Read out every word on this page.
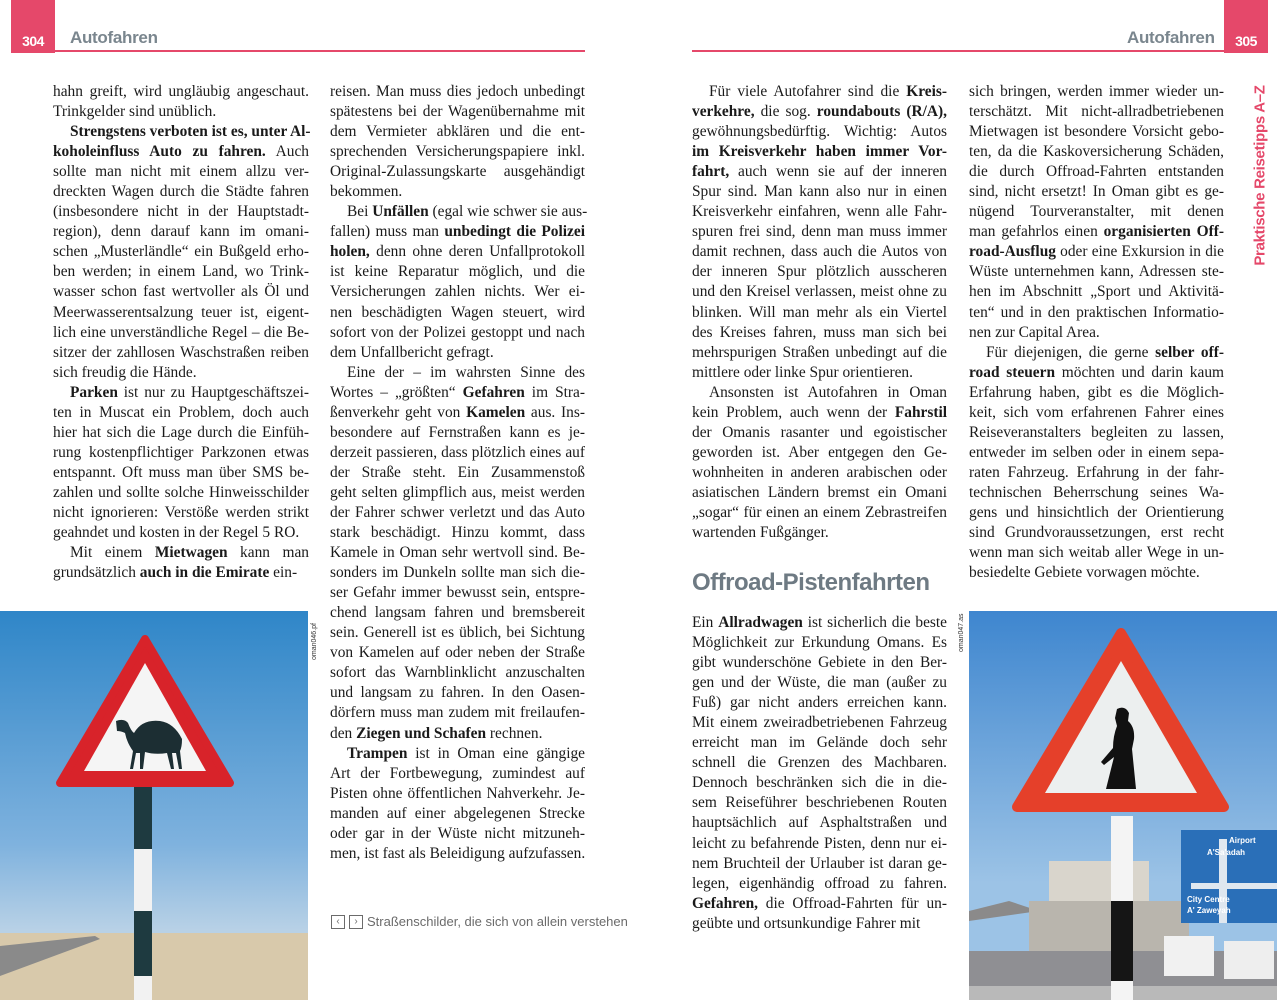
304 Autofahren	305
Autofahren
Praktische Reisetipps A–Z
hahn greift, wird ungläubig angeschaut.
Trinkgelder sind unüblich.
Strengstens verboten ist es, unter Al-
koholeinfluss Auto zu fahren. Auch
sollte man nicht mit einem allzu ver-
dreckten Wagen durch die Städte fahren
(insbesondere nicht in der Hauptstadt-
region), denn darauf kann im omani-
schen „Musterländle“ ein Bußgeld erho-
ben werden; in einem Land, wo Trink-
wasser schon fast wertvoller als Öl und
Meerwasserentsalzung teuer ist, eigent-
lich eine unverständliche Regel – die Be-
sitzer der zahllosen Waschstraßen reiben
sich freudig die Hände.
Parken ist nur zu Hauptgeschäftszei-
ten in Muscat ein Problem, doch auch
hier hat sich die Lage durch die Einfüh-
rung kostenpflichtiger Parkzonen etwas
entspannt. Oft muss man über SMS be-
zahlen und sollte solche Hinweisschilder
nicht ignorieren: Verstöße werden strikt
geahndet und kosten in der Regel 5 RO.
Mit einem Mietwagen kann man
grundsätzlich auch in die Emirate ein-
reisen. Man muss dies jedoch unbedingt
spätestens bei der Wagenübernahme mit
dem Vermieter abklären und die ent-
sprechenden Versicherungspapiere inkl.
Original-Zulassungskarte ausgehändigt
bekommen.
Bei Unfällen (egal wie schwer sie aus-
fallen) muss man unbedingt die Polizei
holen, denn ohne deren Unfallprotokoll
ist keine Reparatur möglich, und die
Versicherungen zahlen nichts. Wer ei-
nen beschädigten Wagen steuert, wird
sofort von der Polizei gestoppt und nach
dem Unfallbericht gefragt.
Eine der – im wahrsten Sinne des
Wortes – „größten“ Gefahren im Stra-
ßenverkehr geht von Kamelen aus. Ins-
besondere auf Fernstraßen kann es je-
derzeit passieren, dass plötzlich eines auf
der Straße steht. Ein Zusammenstoß
geht selten glimpflich aus, meist werden
der Fahrer schwer verletzt und das Auto
stark beschädigt. Hinzu kommt, dass
Kamele in Oman sehr wertvoll sind. Be-
sonders im Dunkeln sollte man sich die-
ser Gefahr immer bewusst sein, entspre-
chend langsam fahren und bremsbereit
sein. Generell ist es üblich, bei Sichtung
von Kamelen auf oder neben der Straße
sofort das Warnblinklicht anzuschalten
und langsam zu fahren. In den Oasen-
dörfern muss man zudem mit freilaufen-
den Ziegen und Schafen rechnen.
Trampen ist in Oman eine gängige
Art der Fortbewegung, zumindest auf
Pisten ohne öffentlichen Nahverkehr. Je-
manden auf einer abgelegenen Strecke
oder gar in der Wüste nicht mitzuneh-
men, ist fast als Beleidigung aufzufassen.
oman046.pf
‹	› Straßenschilder, die sich von allein verstehen
Für viele Autofahrer sind die Kreis-
verkehre, die sog. roundabouts (R/A),
gewöhnungsbedürftig. Wichtig: Autos
im Kreisverkehr haben immer Vor-
fahrt, auch wenn sie auf der inneren
Spur sind. Man kann also nur in einen
Kreisverkehr einfahren, wenn alle Fahr-
spuren frei sind, denn man muss immer
damit rechnen, dass auch die Autos von
der inneren Spur plötzlich ausscheren
und den Kreisel verlassen, meist ohne zu
blinken. Will man mehr als ein Viertel
des Kreises fahren, muss man sich bei
mehrspurigen Straßen unbedingt auf die
mittlere oder linke Spur orientieren.
Ansonsten ist Autofahren in Oman
kein Problem, auch wenn der Fahrstil
der Omanis rasanter und egoistischer
geworden ist. Aber entgegen den Ge-
wohnheiten in anderen arabischen oder
asiatischen Ländern bremst ein Omani
„sogar“ für einen an einem Zebrastreifen
wartenden Fußgänger.
Offroad-Pistenfahrten
Ein Allradwagen ist sicherlich die beste
Möglichkeit zur Erkundung Omans. Es
gibt wunderschöne Gebiete in den Ber-
gen und der Wüste, die man (außer zu
Fuß) gar nicht anders erreichen kann.
Mit einem zweiradbetriebenen Fahrzeug
erreicht man im Gelände doch sehr
schnell die Grenzen des Machbaren.
Dennoch beschränken sich die in die-
sem Reiseführer beschriebenen Routen
hauptsächlich auf Asphaltstraßen und
leicht zu befahrende Pisten, denn nur ei-
nem Bruchteil der Urlauber ist daran ge-
legen, eigenhändig offroad zu fahren.
Gefahren, die Offroad-Fahrten für un-
geübte und ortsunkundige Fahrer mit
sich bringen, werden immer wieder un-
terschätzt. Mit nicht-allradbetriebenen
Mietwagen ist besondere Vorsicht gebo-
ten, da die Kaskoversicherung Schäden,
die durch Offroad-Fahrten entstanden
sind, nicht ersetzt! In Oman gibt es ge-
nügend Tourveranstalter, mit denen
man gefahrlos einen organisierten Off-
road-Ausflug oder eine Exkursion in die
Wüste unternehmen kann, Adressen ste-
hen im Abschnitt „Sport und Aktivitä-
ten“ und in den praktischen Informatio-
nen zur Capital Area.
Für diejenigen, die gerne selber off-
road steuern möchten und darin kaum
Erfahrung haben, gibt es die Möglich-
keit, sich vom erfahrenen Fahrer eines
Reiseveranstalters begleiten zu lassen,
entweder im selben oder in einem sepa-
raten Fahrzeug. Erfahrung in der fahr-
technischen Beherrschung seines Wa-
gens und hinsichtlich der Orientierung
sind Grundvoraussetzungen, erst recht
wenn man sich weitab aller Wege in un-
besiedelte Gebiete vorwagen möchte.
Airport
A'Sa'adah
City Centre
A' Zaweyah
oman047.as
